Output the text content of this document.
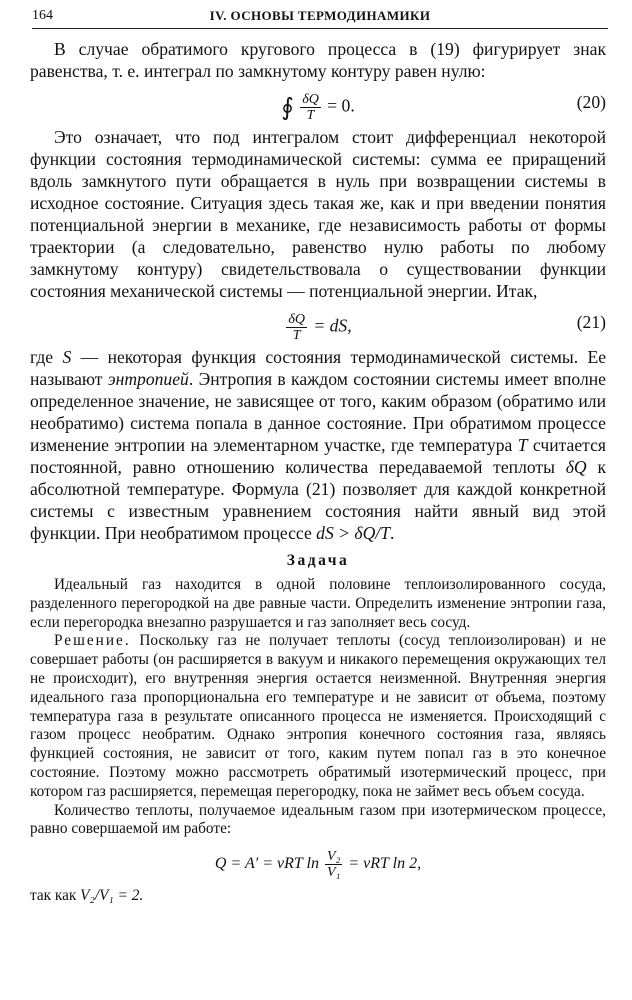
164	IV. ОСНОВЫ ТЕРМОДИНАМИКИ

В случае обратимого кругового процесса в (19) фигурирует знак равенства, т. е. интеграл по замкнутому контуру равен нулю:

∮ $\frac{\delta Q}{T} = 0$.	(20)

Это означает, что под интегралом стоит дифференциал некоторой функции состояния термодинамической системы: сумма ее приращений вдоль замкнутого пути обращается в нуль при возвращении системы в исходное состояние. Ситуация здесь такая же, как и при введении понятия потенциальной энергии в механике, где независимость работы от формы траектории (а следовательно, равенство нулю работы по любому замкнутому контуру) свидетельствовала о существовании функции состояния механической системы — потенциальной энергии. Итак,

$\frac{\delta Q}{T}$ = dS,	(21)

где S — некоторая функция состояния термодинамической системы. Ее называют энтропией. Энтропия в каждом состоянии системы имеет вполне определенное значение, не зависящее от того, каким образом (обратимо или необратимо) система попала в данное состояние. При обратимом процессе изменение энтропии на элементарном участке, где температура T считается постоянной, равно отношению количества передаваемой теплоты δQ к абсолютной температуре. Формула (21) позволяет для каждой конкретной системы с известным уравнением состояния найти явный вид этой функции. При необратимом процессе dS > δQ/T.

Задача

Идеальный газ находится в одной половине теплоизолированного сосуда, разделенного перегородкой на две равные части. Определить изменение энтропии газа, если перегородка внезапно разрушается и газ заполняет весь сосуд.

Решение. Поскольку газ не получает теплоты (сосуд теплоизолирован) и не совершает работы (он расширяется в вакуум и никакого перемещения окружающих тел не происходит), его внутренняя энергия остается неизменной. Внутренняя энергия идеального газа пропорциональна его температуре и не зависит от объема, поэтому температура газа в результате описанного процесса не изменяется. Происходящий с газом процесс необратим. Однако энтропия конечного состояния газа, являясь функцией состояния, не зависит от того, каким путем попал газ в это конечное состояние. Поэтому можно рассмотреть обратимый изотермический процесс, при котором газ расширяется, перемещая перегородку, пока не займет весь объем сосуда.

Количество теплоты, получаемое идеальным газом при изотермическом процессе, равно совершаемой им работе:

Q = A′ = νRT $\ln \frac{\text{V₂}}{\text{V₁}} = \nu RT$ ln 2,

так как V₂/V₁ = 2.
